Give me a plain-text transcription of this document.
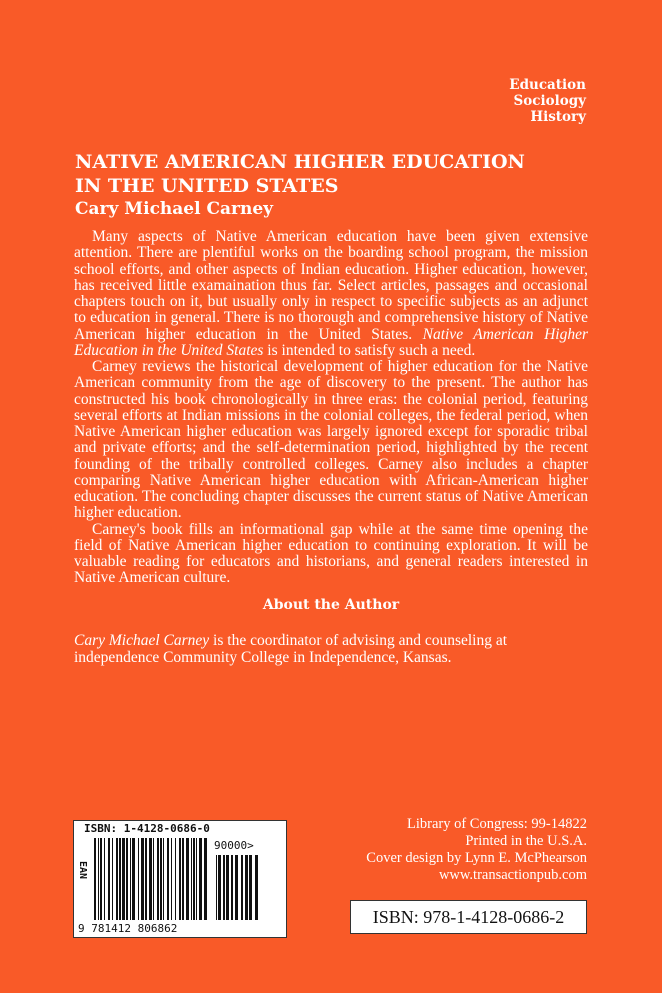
Education
Sociology
History
NATIVE AMERICAN HIGHER EDUCATION
IN THE UNITED STATES
Cary Michael Carney

Many aspects of Native American education have been given extensive attention. There are plentiful works on the boarding school program, the mission school efforts, and other aspects of Indian education. Higher education, however, has received little examaination thus far. Select articles, passages and occasional chapters touch on it, but usually only in respect to specific subjects as an adjunct to education in general. There is no thorough and comprehensive history of Native American higher education in the United States. Native American Higher Education in the United States is intended to satisfy such a need.

Carney reviews the historical development of higher education for the Native American community from the age of discovery to the present. The author has constructed his book chronologically in three eras: the colonial period, featuring several efforts at Indian missions in the colonial colleges, the federal period, when Native American higher education was largely ignored except for sporadic tribal and private efforts; and the self-determination period, highlighted by the recent founding of the tribally controlled colleges. Carney also includes a chapter comparing Native American higher education with African-American higher education. The concluding chapter discusses the current status of Native American higher education.

Carney's book fills an informational gap while at the same time opening the field of Native American higher education to continuing exploration. It will be valuable reading for educators and historians, and general readers interested in Native American culture.

About the Author
Cary Michael Carney is the coordinator of advising and counseling at independence Community College in Independence, Kansas.
ISBN: 1-4128-0686-0
90000>
EAN
9 781412 806862
Library of Congress: 99-14822
Printed in the U.S.A.
Cover design by Lynn E. McPhearson
www.transactionpub.com
ISBN: 978-1-4128-0686-2
